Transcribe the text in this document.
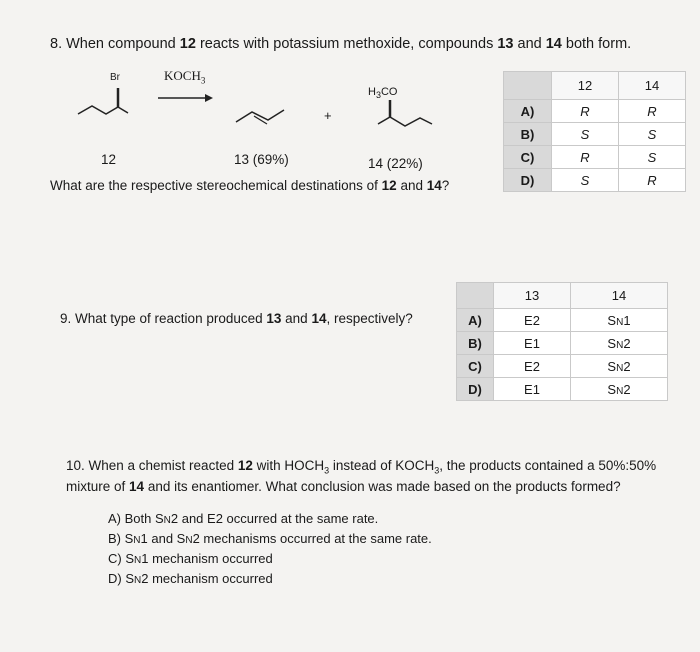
8. When compound 12 reacts with potassium methoxide, compounds 13 and 14 both form.
Br	$KOCH_3$
+
$H_3CO$
12	13 (69%)	14 (22%)
What are the respective stereochemical destinations of 12 and 14?
	12	14
A)	R	R
B)	S	S
C)	R	S
D)	S	R
9. What type of reaction produced 13 and 14, respectively?
	13	14
A)	E2	SN1
B)	E1	SN2
C)	E2	SN2
D)	E1	SN2
10. When a chemist reacted 12 with $HOCH_3$ instead of $KOCH_3$, the products contained a 50%:50%
mixture of 14 and its enantiomer. What conclusion was made based on the products formed?
A) Both SN2 and E2 occurred at the same rate.
B) SN1 and SN2 mechanisms occurred at the same rate.
C) SN1 mechanism occurred
D) SN2 mechanism occurred
